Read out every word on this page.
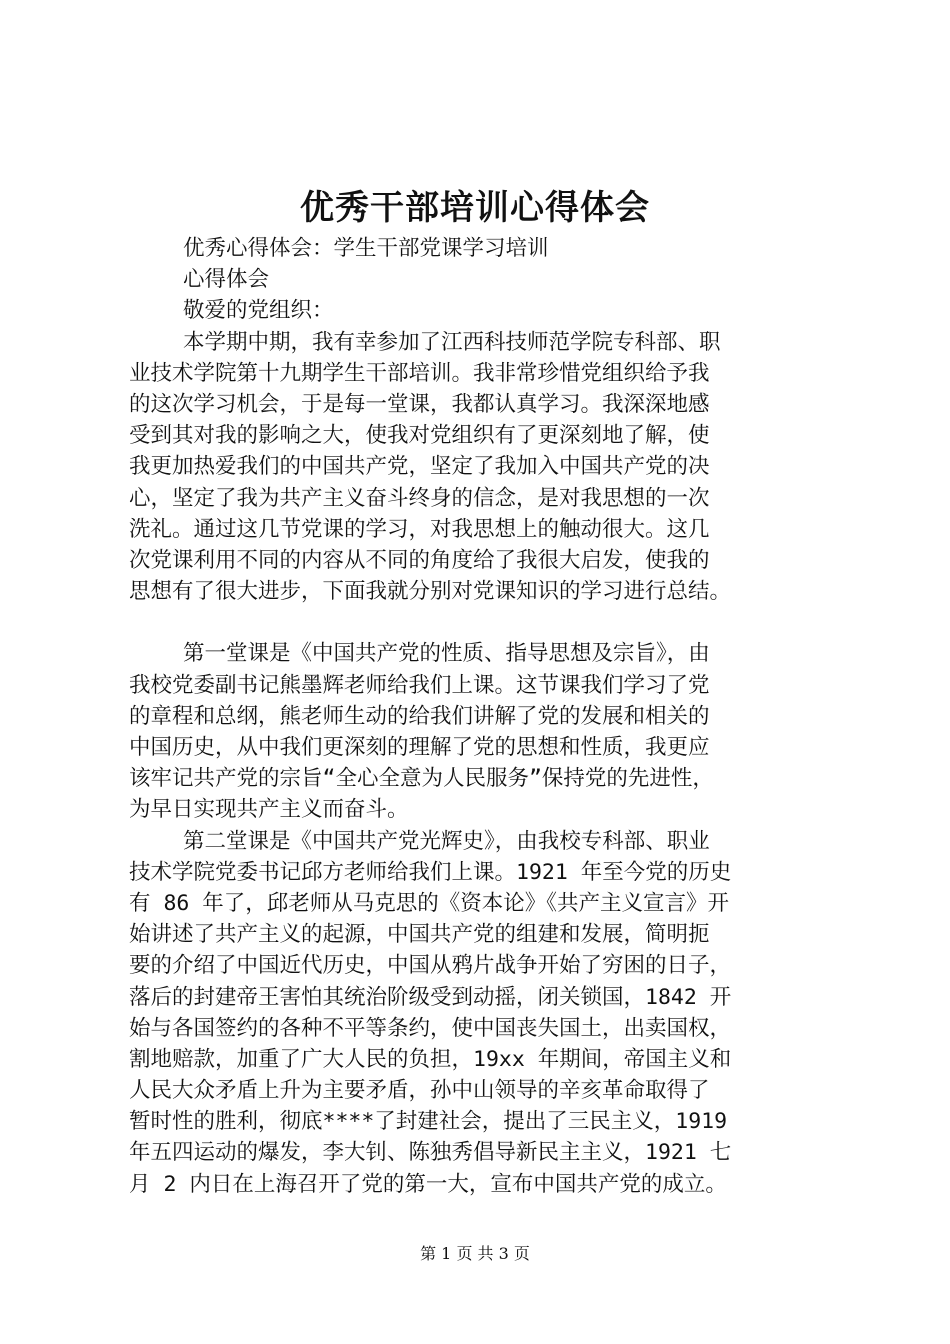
优秀干部培训心得体会
优秀心得体会：学生干部党课学习培训
心得体会
敬爱的党组织：
本学期中期，我有幸参加了江西科技师范学院专科部、职
业技术学院第十九期学生干部培训。我非常珍惜党组织给予我
的这次学习机会，于是每一堂课，我都认真学习。我深深地感
受到其对我的影响之大，使我对党组织有了更深刻地了解，使
我更加热爱我们的中国共产党，坚定了我加入中国共产党的决
心，坚定了我为共产主义奋斗终身的信念，是对我思想的一次
洗礼。通过这几节党课的学习，对我思想上的触动很大。这几
次党课利用不同的内容从不同的角度给了我很大启发，使我的
思想有了很大进步，下面我就分别对党课知识的学习进行总结。
第一堂课是《中国共产党的性质、指导思想及宗旨》，由
我校党委副书记熊墨辉老师给我们上课。这节课我们学习了党
的章程和总纲，熊老师生动的给我们讲解了党的发展和相关的
中国历史，从中我们更深刻的理解了党的思想和性质，我更应
该牢记共产党的宗旨“全心全意为人民服务”保持党的先进性，
为早日实现共产主义而奋斗。
第二堂课是《中国共产党光辉史》，由我校专科部、职业
技术学院党委书记邱方老师给我们上课。1921 年至今党的历史
有 86 年了，邱老师从马克思的《资本论》《共产主义宣言》开
始讲述了共产主义的起源，中国共产党的组建和发展，简明扼
要的介绍了中国近代历史，中国从鸦片战争开始了穷困的日子，
落后的封建帝王害怕其统治阶级受到动摇，闭关锁国，1842 开
始与各国签约的各种不平等条约，使中国丧失国土，出卖国权，
割地赔款，加重了广大人民的负担，19xx 年期间，帝国主义和
人民大众矛盾上升为主要矛盾，孙中山领导的辛亥革命取得了
暂时性的胜利，彻底****了封建社会，提出了三民主义，1919
年五四运动的爆发，李大钊、陈独秀倡导新民主主义，1921 七
月 2 内日在上海召开了党的第一大，宣布中国共产党的成立。
第 1 页 共 3 页
